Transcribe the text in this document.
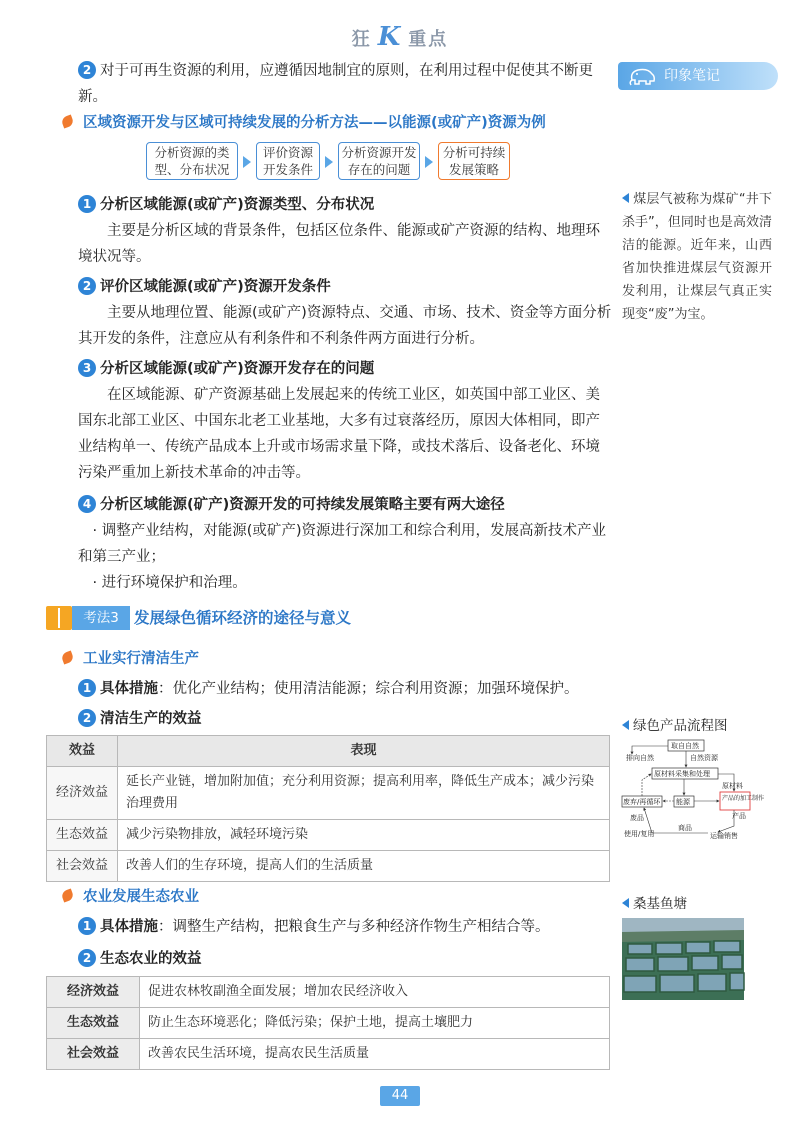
狂 K 重点
印象笔记
2 对于可再生资源的利用，应遵循因地制宜的原则，在利用过程中促使其不断更新。
区域资源开发与区域可持续发展的分析方法——以能源(或矿产)资源为例
分析资源的类
型、分布状况
评价资源
开发条件
分析资源开发
存在的问题
分析可持续
发展策略
1 分析区域能源(或矿产)资源类型、分布状况
主要是分析区域的背景条件，包括区位条件、能源或矿产资源的结构、地理环境状况等。
2 评价区域能源(或矿产)资源开发条件
主要从地理位置、能源(或矿产)资源特点、交通、市场、技术、资金等方面分析其开发的条件，注意应从有利条件和不利条件两方面进行分析。
3 分析区域能源(或矿产)资源开发存在的问题
在区域能源、矿产资源基础上发展起来的传统工业区，如英国中部工业区、美国东北部工业区、中国东北老工业基地，大多有过衰落经历，原因大体相同，即产业结构单一、传统产品成本上升或市场需求量下降，或技术落后、设备老化、环境污染严重加上新技术革命的冲击等。
4 分析区域能源(矿产)资源开发的可持续发展策略主要有两大途径
· 调整产业结构，对能源(或矿产)资源进行深加工和综合利用，发展高新技术产业和第三产业；
· 进行环境保护和治理。
煤层气被称为煤矿“井下杀手”，但同时也是高效清洁的能源。近年来，山西省加快推进煤层气资源开发利用，让煤层气真正实现变“废”为宝。
考法3 发展绿色循环经济的途径与意义
工业实行清洁生产
1 具体措施：优化产业结构；使用清洁能源；综合利用资源；加强环境保护。
2 清洁生产的效益
效益	表现
经济效益	延长产业链，增加附加值；充分利用资源；提高利用率，降低生产成本；减少污染治理费用
生态效益	减少污染物排放，减轻环境污染
社会效益	改善人们的生存环境，提高人们的生活质量
绿色产品流程图
取自自然
排向自然	自然资源
原材料采集和处理
原材料
废弃/再循环 能源	产品的加工制作
产品
废品
使用/复用
商品
运输销售
农业发展生态农业
1 具体措施：调整生产结构，把粮食生产与多种经济作物生产相结合等。
2 生态农业的效益
经济效益	促进农林牧副渔全面发展；增加农民经济收入
生态效益	防止生态环境恶化；降低污染；保护土地，提高土壤肥力
社会效益	改善农民生活环境，提高农民生活质量
桑基鱼塘
44
